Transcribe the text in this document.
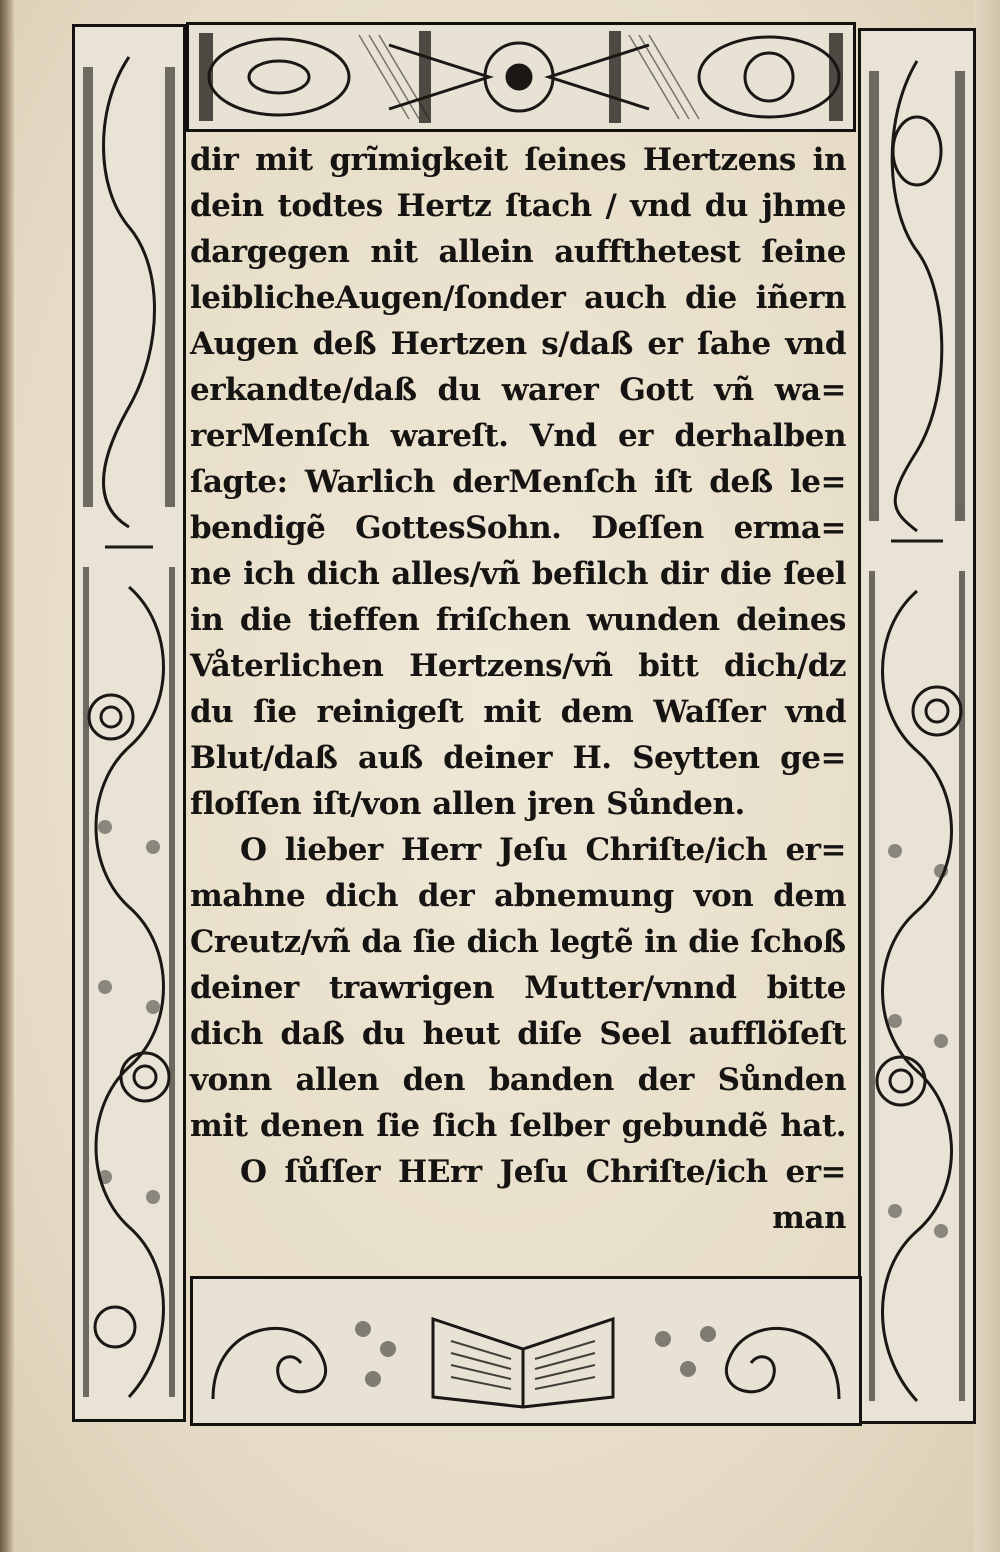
dir mit grĩmigkeit ſeines Hertzens in
dein todtes Hertz ſtach / vnd du jhme
dargegen nit allein auffthetest ſeine
leiblicheAugen/ſonder auch die iñern
Augen deß Hertzen s/daß er ſahe vnd
erkandte/daß du warer Gott vñ wa=
rerMenſch wareſt. Vnd er derhalben
ſagte: Warlich derMenſch iſt deß le=
bendigẽ GottesSohn. Deſſen erma=
ne ich dich alles/vñ befilch dir die ſeel
in die tieffen friſchen wunden deines
Våterlichen Hertzens/vñ bitt dich/dz
du ſie reinigeſt mit dem Waſſer vnd
Blut/daß auß deiner H. Seytten ge=
floſſen iſt/von allen jren Sůnden.
O lieber Herr Jeſu Chriſte/ich er=
mahne dich der abnemung von dem
Creutz/vñ da ſie dich legtẽ in die ſchoß
deiner trawrigen Mutter/vnnd bitte
dich daß du heut diſe Seel aufflöſeſt
vonn allen den banden der Sůnden
mit denen ſie ſich ſelber gebundẽ hat.
O ſůſſer HErr Jeſu Chriſte/ich er=
man
